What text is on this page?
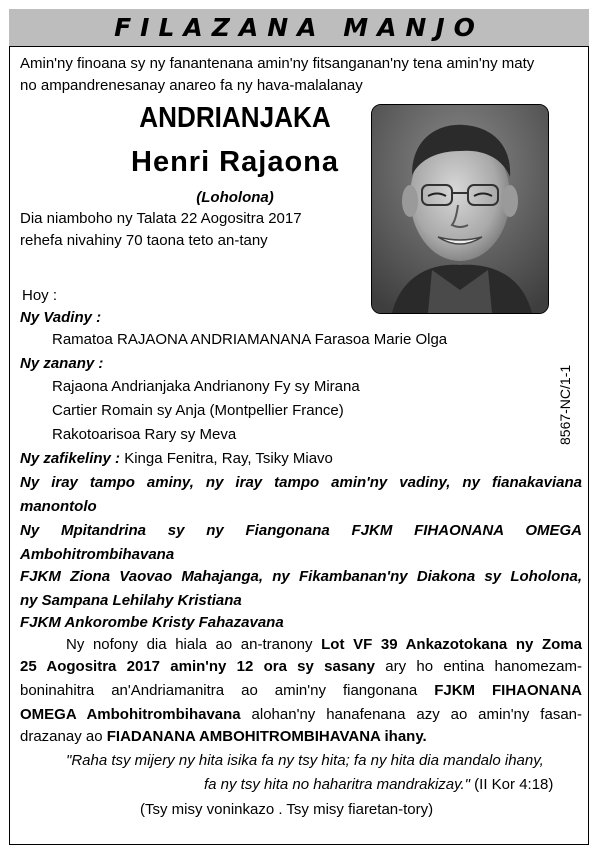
FILAZANA MANJO
Amin'ny finoana sy ny fanantenana amin'ny fitsanganan'ny tena amin'ny maty
no ampandrenesanay anareo fa ny hava-malalanay
ANDRIANJAKA
Henri Rajaona
(Loholona)
Dia niamboho ny Talata 22 Aogositra 2017
rehefa nivahiny 70 taona teto an-tany
8567-NC/1-1
Hoy :
Ny Vadiny :
Ramatoa RAJAONA ANDRIAMANANA Farasoa Marie Olga
Ny zanany :
Rajaona Andrianjaka Andrianony Fy sy Mirana
Cartier Romain sy Anja (Montpellier France)
Rakotoarisoa Rary sy Meva
Ny zafikeliny : Kinga Fenitra, Ray, Tsiky Miavo
Ny iray tampo aminy, ny iray tampo amin'ny vadiny, ny fianakaviana
manontolo
Ny Mpitandrina sy ny Fiangonana FJKM FIHAONANA OMEGA
Ambohitrombihavana
FJKM Ziona Vaovao Mahajanga, ny Fikambanan'ny Diakona sy Loholona,
ny Sampana Lehilahy Kristiana
FJKM Ankorombe Kristy Fahazavana
Ny nofony dia hiala ao an-tranony Lot VF 39 Ankazotokana ny Zoma
25 Aogositra 2017 amin'ny 12 ora sy sasany ary ho entina hanomezam-
boninahitra an'Andriamanitra ao amin'ny fiangonana FJKM FIHAONANA
OMEGA Ambohitrombihavana alohan'ny hanafenana azy ao amin'ny fasan-
drazanay ao FIADANANA AMBOHITROMBIHAVANA ihany.
"Raha tsy mijery ny hita isika fa ny tsy hita; fa ny hita dia mandalo ihany,
fa ny tsy hita no haharitra mandrakizay." (II Kor 4:18)
(Tsy misy voninkazo . Tsy misy fiaretan-tory)
